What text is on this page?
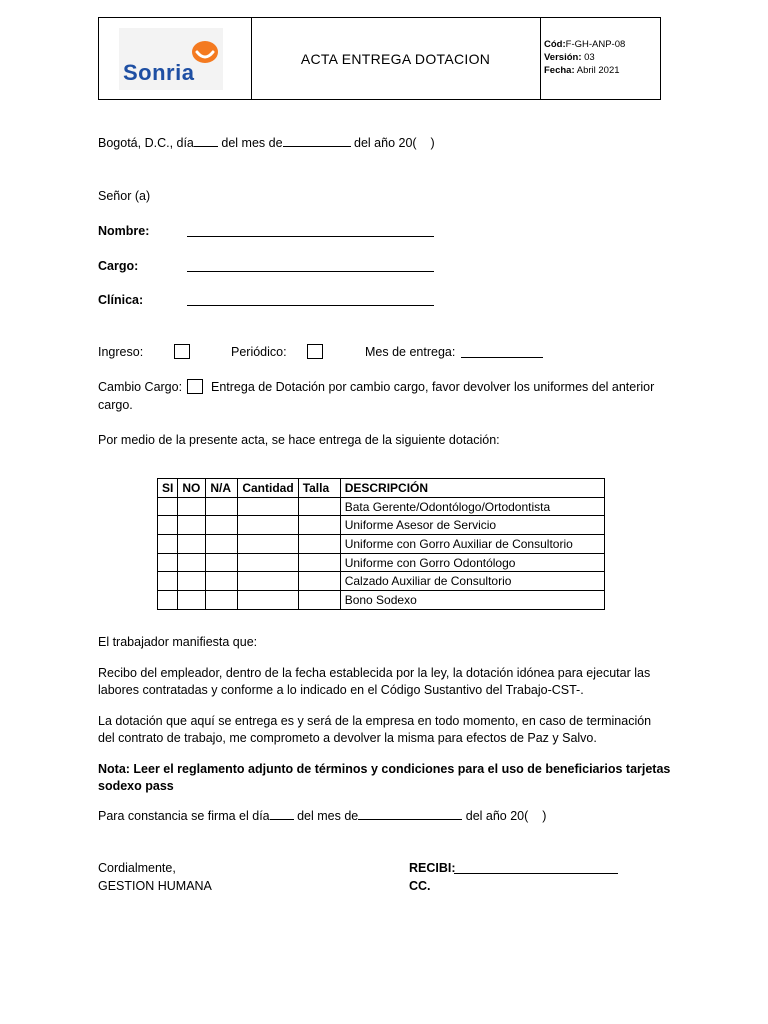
Sonria
ACTA ENTREGA DOTACION
Cód:F-GH-ANP-08
Versión: 03
Fecha: Abril 2021
Bogotá, D.C., día del mes de	del año 20( )
Señor (a)
Nombre:
Cargo:
Clínica:
Ingreso:	Periódico:	Mes de entrega:
Cambio Cargo: Entrega de Dotación por cambio cargo, favor devolver los uniformes del anterior
cargo.
Por medio de la presente acta, se hace entrega de la siguiente dotación:
SI	NO	N/A	Cantidad	Talla	DESCRIPCIÓN
					Bata Gerente/Odontólogo/Ortodontista
					Uniforme Asesor de Servicio
					Uniforme con Gorro Auxiliar de Consultorio
					Uniforme con Gorro Odontólogo
					Calzado Auxiliar de Consultorio
					Bono Sodexo
El trabajador manifiesta que:
Recibo del empleador, dentro de la fecha establecida por la ley, la dotación idónea para ejecutar las
labores contratadas y conforme a lo indicado en el Código Sustantivo del Trabajo-CST-.
La dotación que aquí se entrega es y será de la empresa en todo momento, en caso de terminación
del contrato de trabajo, me comprometo a devolver la misma para efectos de Paz y Salvo.
Nota: Leer el reglamento adjunto de términos y condiciones para el uso de beneficiarios tarjetas
sodexo pass
Para constancia se firma el día del mes de	del año 20( )
Cordialmente,
GESTION HUMANA
RECIBI:
CC.
